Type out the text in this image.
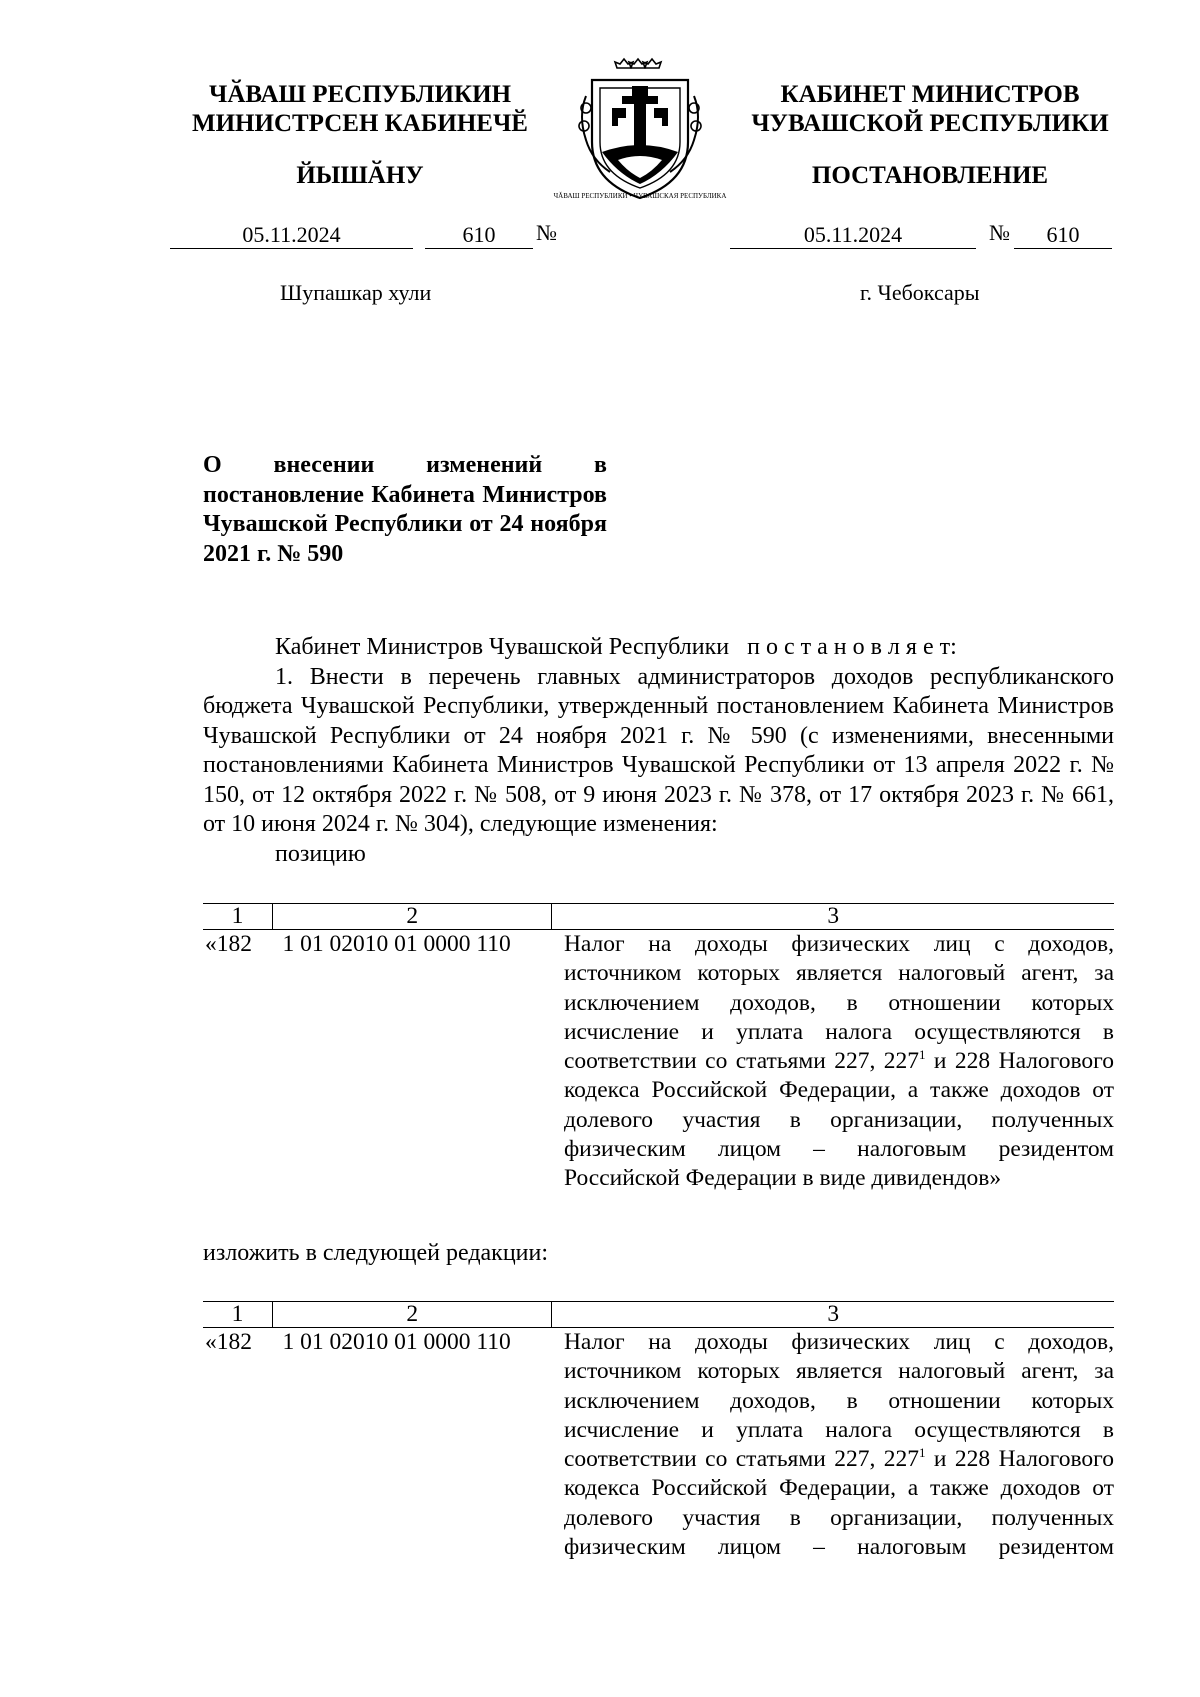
ЧӐВАШ РЕСПУБЛИКИН
МИНИСТРСЕН КАБИНЕЧӖ
ЙЫШӐНУ
05.11.2024	610	№
Шупашкар хули
ЧĂВАШ РЕСПУБЛИКИ • ЧУВАШСКАЯ РЕСПУБЛИКА
КАБИНЕТ МИНИСТРОВ
ЧУВАШСКОЙ РЕСПУБЛИКИ
ПОСТАНОВЛЕНИЕ
05.11.2024	№	610
г. Чебоксары
О внесении изменений в постановление Кабинета Министров Чувашской Республики от 24 ноября 2021 г. № 590
Кабинет Министров Чувашской Республики п о с т а н о в л я е т:
1. Внести в перечень главных администраторов доходов республиканского бюджета Чувашской Республики, утвержденный постановлением Кабинета Министров Чувашской Республики от 24 ноября 2021 г. № 590 (с изменениями, внесенными постановлениями Кабинета Министров Чувашской Республики от 13 апреля 2022 г. № 150, от 12 октября 2022 г. № 508, от 9 июня 2023 г. № 378, от 17 октября 2023 г. № 661, от 10 июня 2024 г. № 304), следующие изменения:
позицию
1	2	3
«182	1 01 02010 01 0000 110	Налог на доходы физических лиц с доходов, источником которых является налоговый агент, за исключением доходов, в отношении которых исчисление и уплата налога осуществляются в соответствии со статьями 227, $227^1$ и 228 Налогового кодекса Российской Федерации, а также доходов от долевого участия в организации, полученных физическим лицом – налоговым резидентом Российской Федерации в виде дивидендов»
изложить в следующей редакции:
1	2	3
«182	1 01 02010 01 0000 110	Налог на доходы физических лиц с доходов, источником которых является налоговый агент, за исключением доходов, в отношении которых исчисление и уплата налога осуществляются в соответствии со статьями 227, $227^1$ и 228 Налогового кодекса Российской Федерации, а также доходов от долевого участия в организации, полученных физическим лицом – налоговым резидентом
